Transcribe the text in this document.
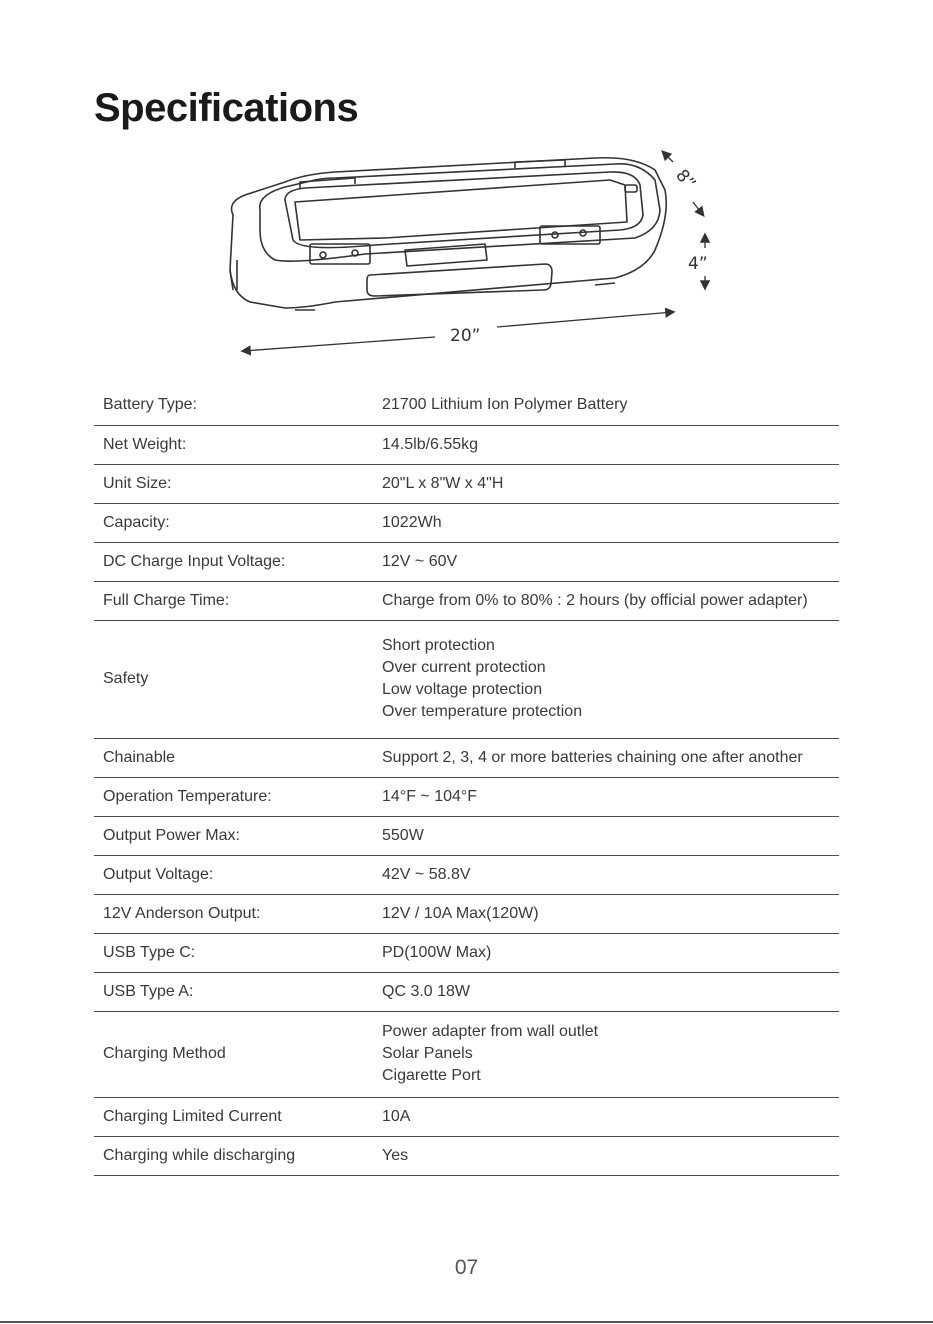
Specifications
20”
8”
4”
Battery Type:	21700 Lithium Ion Polymer Battery
Net Weight:	14.5lb/6.55kg
Unit Size:	20"L x 8"W x 4"H
Capacity:	1022Wh
DC Charge Input Voltage:	12V ~ 60V
Full Charge Time:	Charge from 0% to 80% : 2 hours (by official power adapter)
Safety	Short protection
Over current protection
Low voltage protection
Over temperature protection

Chainable	Support 2, 3, 4 or more batteries chaining one after another
Operation Temperature:	14°F ~ 104°F
Output Power Max:	550W
Output Voltage:	42V ~ 58.8V
12V Anderson Output:	12V / 10A Max(120W)
USB Type C:	PD(100W Max)
USB Type A:	QC 3.0 18W
Charging Method	Power adapter from wall outlet
Solar Panels
Cigarette Port

Charging Limited Current	10A
Charging while discharging	Yes
07
